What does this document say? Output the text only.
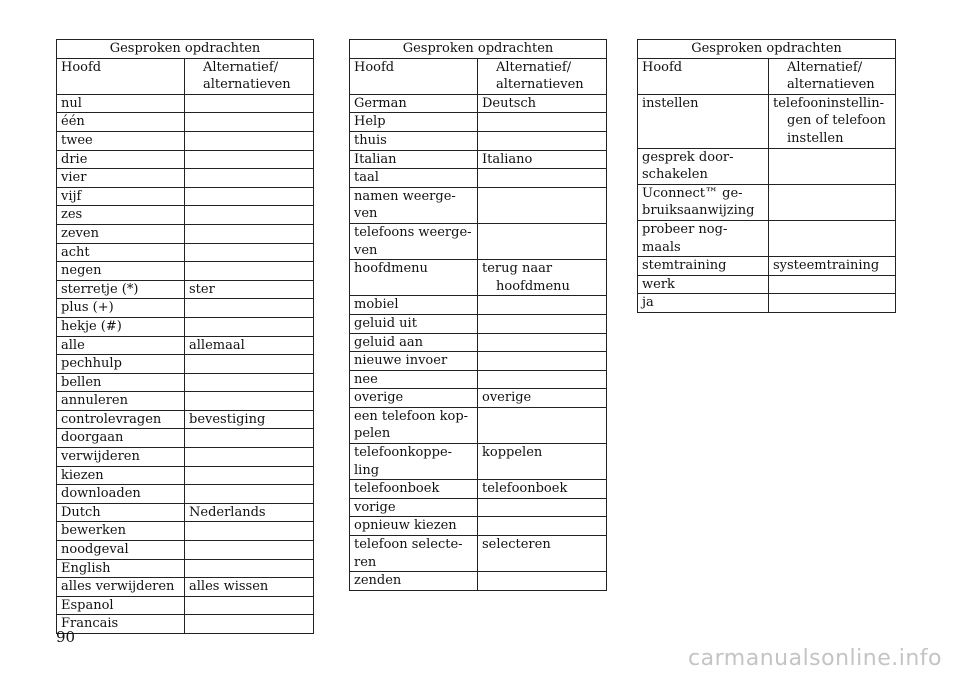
Gesproken opdrachten	
Hoofd	Alternatief/
alternatieven
nul	
één	
twee	
drie	
vier	
vijf	
zes	
zeven	
acht	
negen	
sterretje (*)	ster
plus (+)	
hekje (#)	
alle	allemaal
pechhulp	
bellen	
annuleren	
controlevragen	bevestiging
doorgaan	
verwijderen	
kiezen	
downloaden	
Dutch	Nederlands
bewerken	
noodgeval	
English	
alles verwijderen	alles wissen
Espanol	
Francais	
Gesproken opdrachten	
Hoofd	Alternatief/
alternatieven
German	Deutsch
Help	
thuis	
Italian	Italiano
taal	
namen weerge-
ven	
telefoons weerge-
ven	
hoofdmenu	terug naar
hoofdmenu

mobiel	
geluid uit	
geluid aan	
nieuwe invoer	
nee	
overige	overige
een telefoon kop-
pelen	
telefoonkoppe-
ling	koppelen
telefoonboek	telefoonboek
vorige	
opnieuw kiezen	
telefoon selecte-
ren	selecteren
zenden	
Gesproken opdrachten	
Hoofd	Alternatief/
alternatieven
instellen	telefooninstellin-
gen of telefoon
instellen

gesprek door-
schakelen	
Uconnect™ ge-
bruiksaanwijzing	
probeer nog-
maals	
stemtraining	systeemtraining
werk	
ja	
90
carmanualsonline.info
